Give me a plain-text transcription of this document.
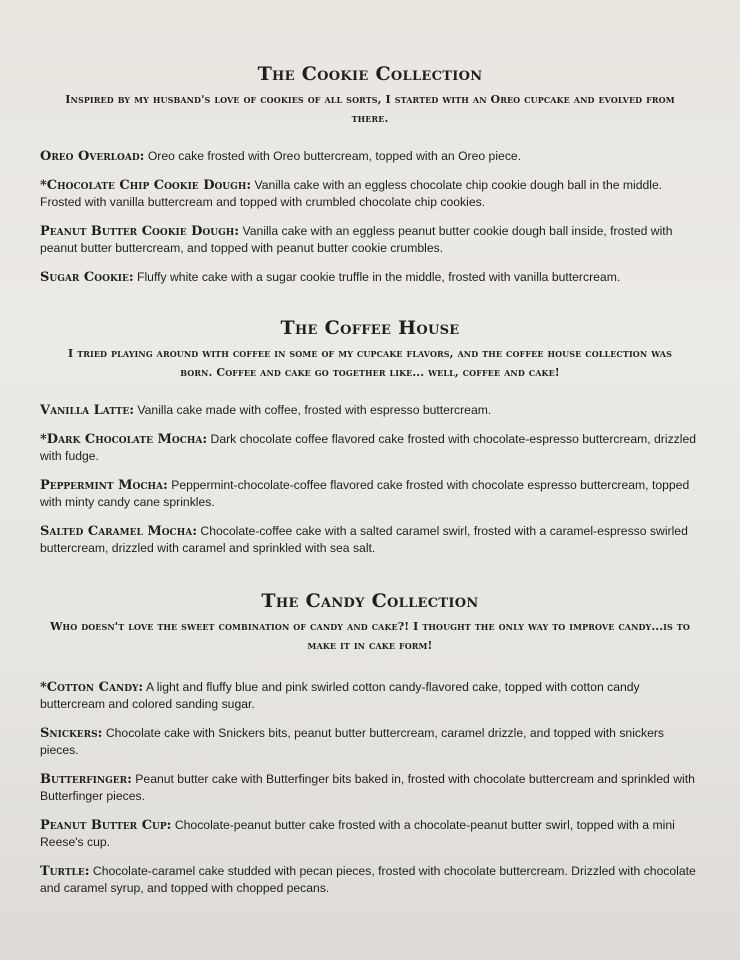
The Cookie Collection

Inspired by my husband's love of cookies of all sorts, I started with an Oreo cupcake and evolved from there.

Oreo Overload: Oreo cake frosted with Oreo buttercream, topped with an Oreo piece.

*Chocolate Chip Cookie Dough: Vanilla cake with an eggless chocolate chip cookie dough ball in the middle. Frosted with vanilla buttercream and topped with crumbled chocolate chip cookies.

Peanut Butter Cookie Dough: Vanilla cake with an eggless peanut butter cookie dough ball inside, frosted with peanut butter buttercream, and topped with peanut butter cookie crumbles.

Sugar Cookie: Fluffy white cake with a sugar cookie truffle in the middle, frosted with vanilla buttercream.

The Coffee House

I tried playing around with coffee in some of my cupcake flavors, and the coffee house collection was born. Coffee and cake go together like... well, coffee and cake!

Vanilla Latte: Vanilla cake made with coffee, frosted with espresso buttercream.

*Dark Chocolate Mocha: Dark chocolate coffee flavored cake frosted with chocolate-espresso buttercream, drizzled with fudge.

Peppermint Mocha: Peppermint-chocolate-coffee flavored cake frosted with chocolate espresso buttercream, topped with minty candy cane sprinkles.

Salted Caramel Mocha: Chocolate-coffee cake with a salted caramel swirl, frosted with a caramel-espresso swirled buttercream, drizzled with caramel and sprinkled with sea salt.

The Candy Collection

Who doesn't love the sweet combination of candy and cake?! I thought the only way to improve candy...is to make it in cake form!

*Cotton Candy: A light and fluffy blue and pink swirled cotton candy-flavored cake, topped with cotton candy buttercream and colored sanding sugar.

Snickers: Chocolate cake with Snickers bits, peanut butter buttercream, caramel drizzle, and topped with snickers pieces.

Butterfinger: Peanut butter cake with Butterfinger bits baked in, frosted with chocolate buttercream and sprinkled with Butterfinger pieces.

Peanut Butter Cup: Chocolate-peanut butter cake frosted with a chocolate-peanut butter swirl, topped with a mini Reese's cup.

Turtle: Chocolate-caramel cake studded with pecan pieces, frosted with chocolate buttercream. Drizzled with chocolate and caramel syrup, and topped with chopped pecans.
